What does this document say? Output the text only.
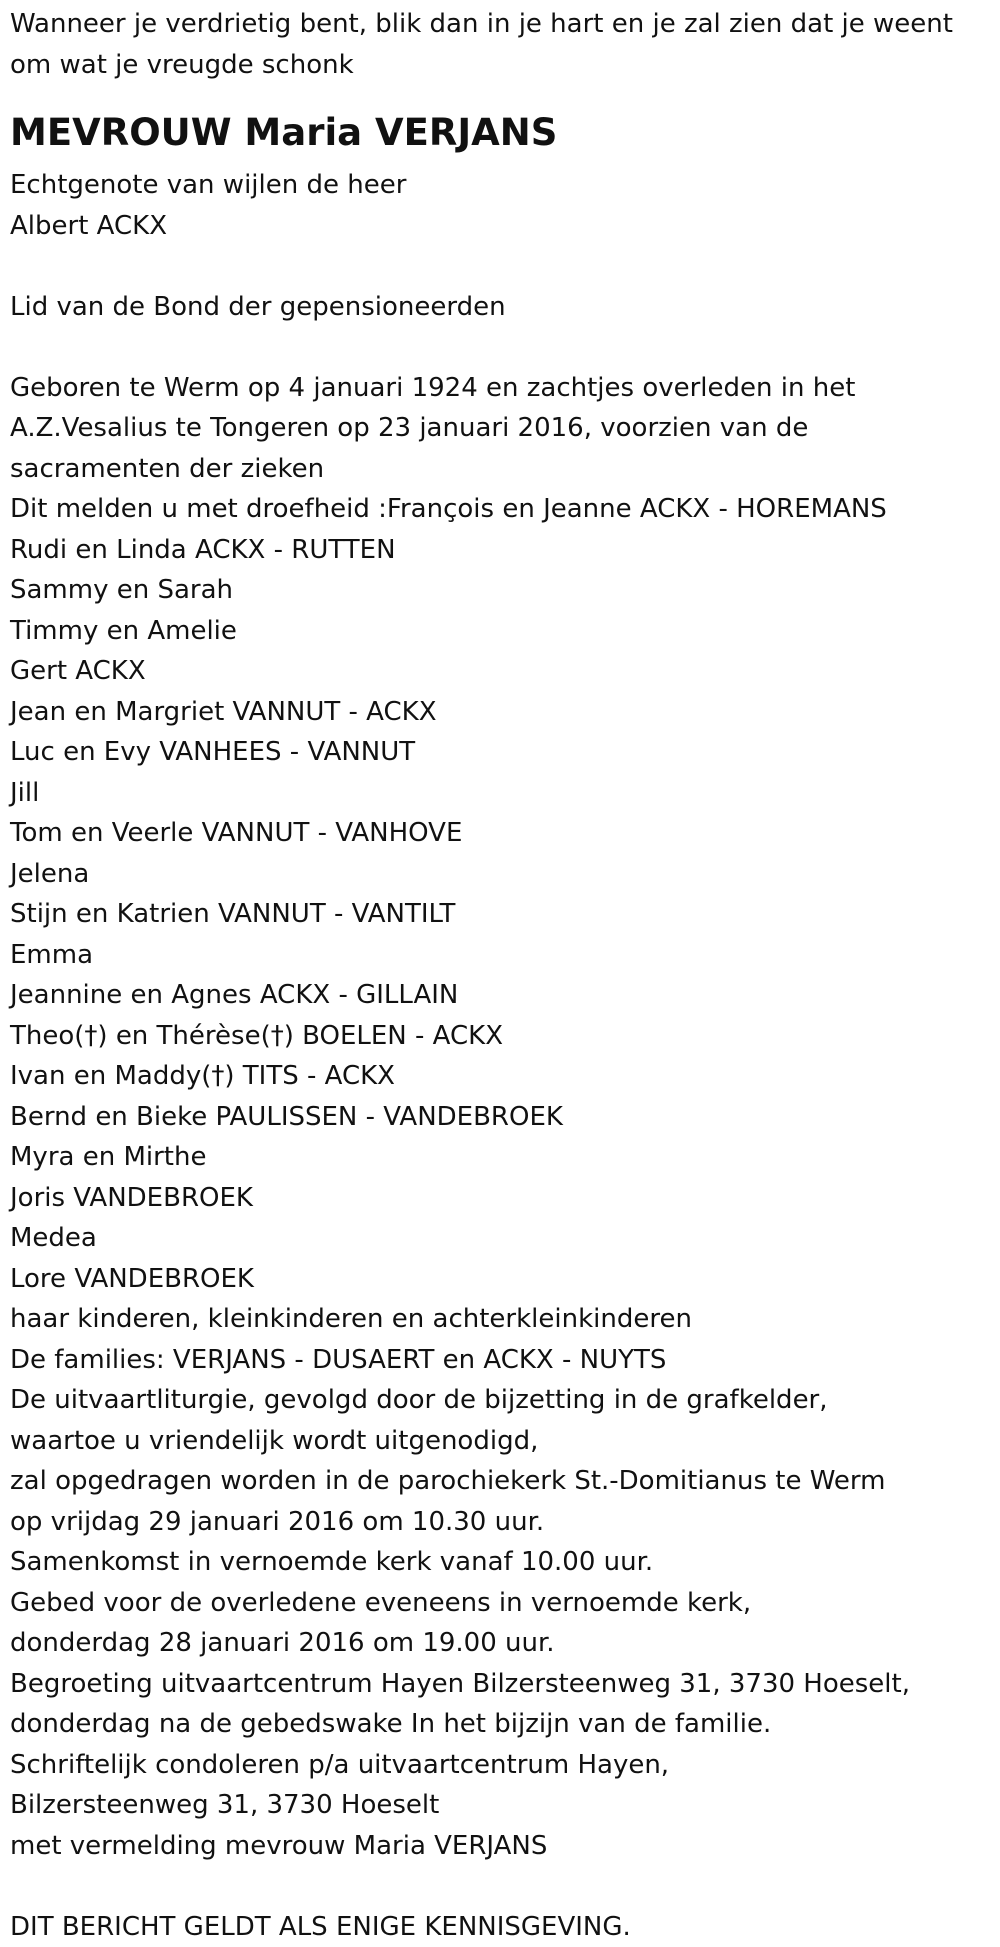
Wanneer je verdrietig bent, blik dan in je hart en je zal zien dat je weent
om wat je vreugde schonk
MEVROUW Maria VERJANS
Echtgenote van wijlen de heer
Albert ACKX
Lid van de Bond der gepensioneerden
Geboren te Werm op 4 januari 1924 en zachtjes overleden in het
A.Z.Vesalius te Tongeren op 23 januari 2016, voorzien van de
sacramenten der zieken
Dit melden u met droefheid :François en Jeanne ACKX - HOREMANS
Rudi en Linda ACKX - RUTTEN
Sammy en Sarah
Timmy en Amelie
Gert ACKX
Jean en Margriet VANNUT - ACKX
Luc en Evy VANHEES - VANNUT
Jill
Tom en Veerle VANNUT - VANHOVE
Jelena
Stijn en Katrien VANNUT - VANTILT
Emma
Jeannine en Agnes ACKX - GILLAIN
Theo(†) en Thérèse(†) BOELEN - ACKX
Ivan en Maddy(†) TITS - ACKX
Bernd en Bieke PAULISSEN - VANDEBROEK
Myra en Mirthe
Joris VANDEBROEK
Medea
Lore VANDEBROEK
haar kinderen, kleinkinderen en achterkleinkinderen
De families: VERJANS - DUSAERT en ACKX - NUYTS
De uitvaartliturgie, gevolgd door de bijzetting in de grafkelder,
waartoe u vriendelijk wordt uitgenodigd,
zal opgedragen worden in de parochiekerk St.-Domitianus te Werm
op vrijdag 29 januari 2016 om 10.30 uur.
Samenkomst in vernoemde kerk vanaf 10.00 uur.
Gebed voor de overledene eveneens in vernoemde kerk,
donderdag 28 januari 2016 om 19.00 uur.
Begroeting uitvaartcentrum Hayen Bilzersteenweg 31, 3730 Hoeselt,
donderdag na de gebedswake In het bijzijn van de familie.
Schriftelijk condoleren p/a uitvaartcentrum Hayen,
Bilzersteenweg 31, 3730 Hoeselt
met vermelding mevrouw Maria VERJANS
DIT BERICHT GELDT ALS ENIGE KENNISGEVING.
